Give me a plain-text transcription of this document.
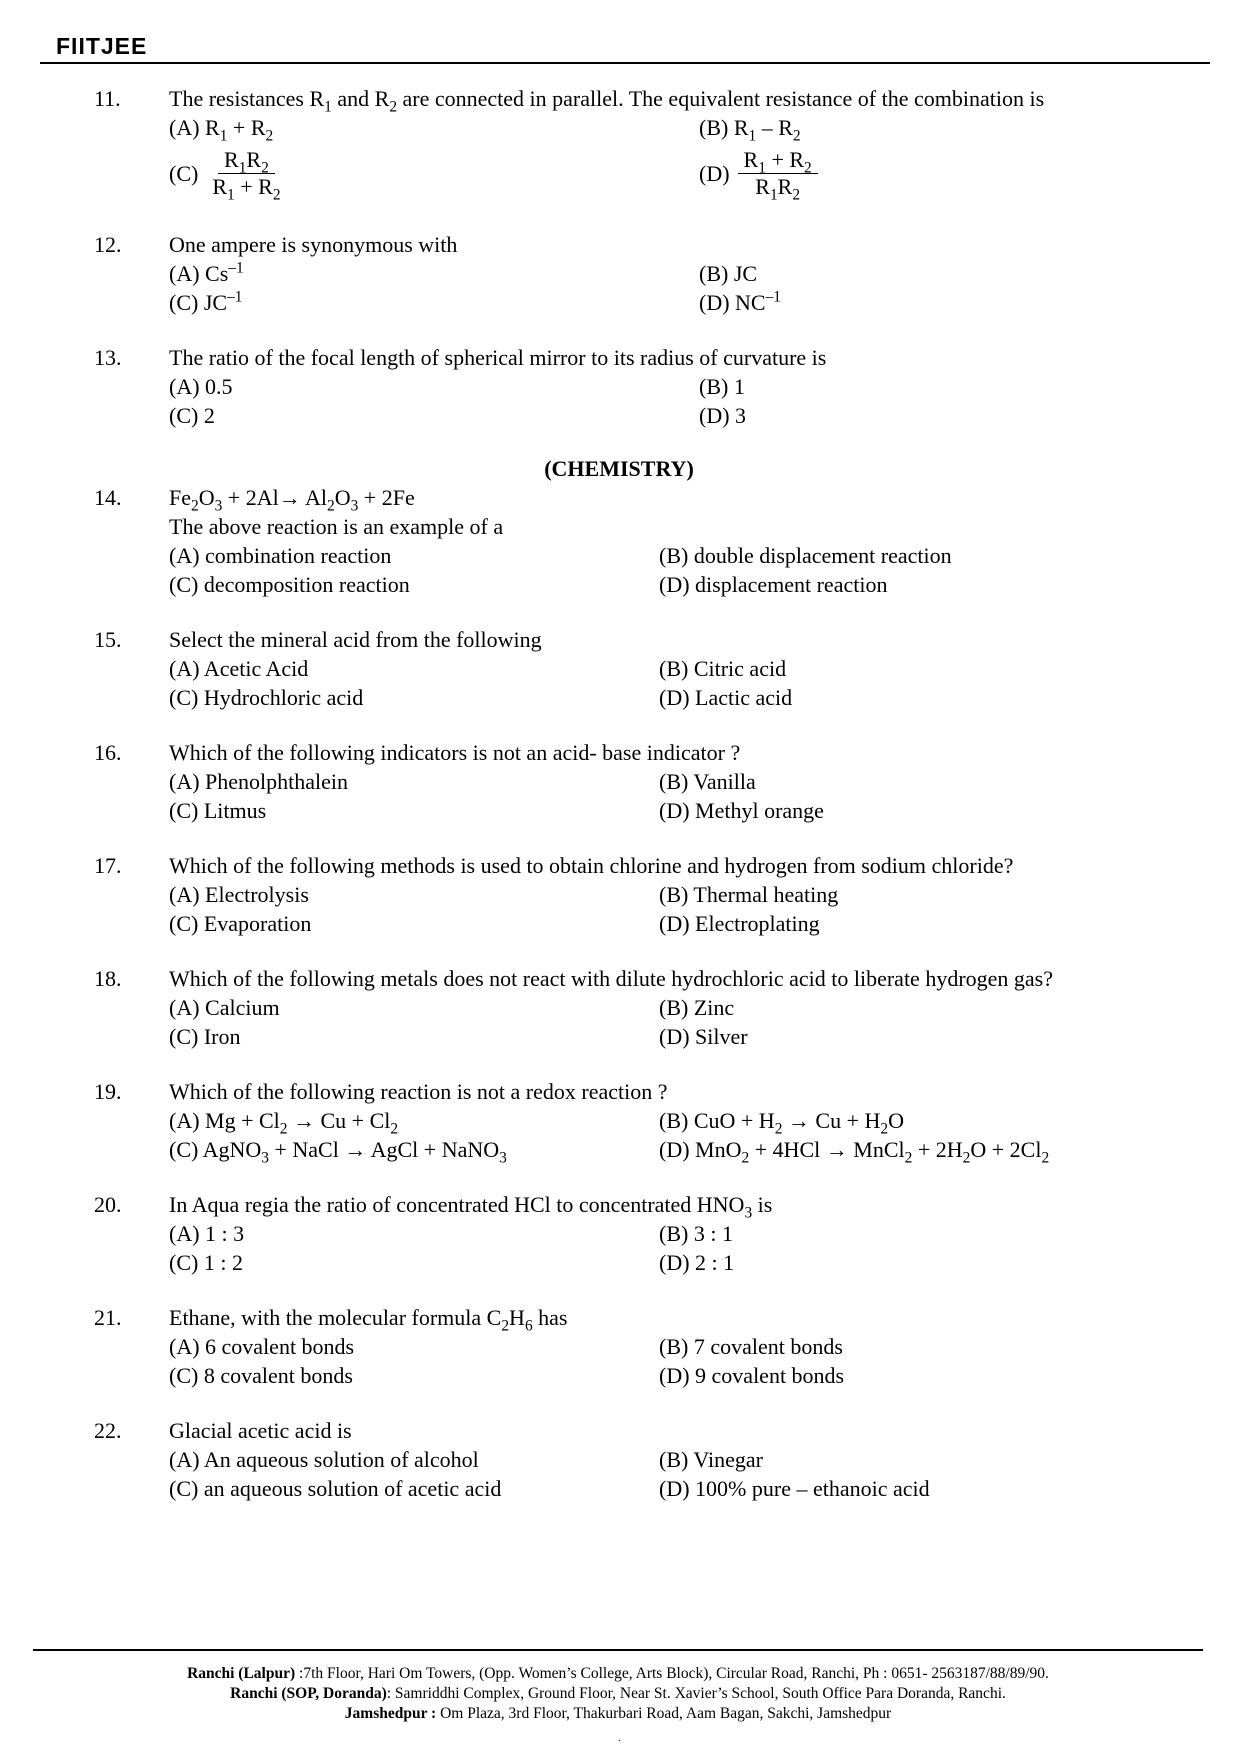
FIITJEE
11.	The resistances $R_1$ and $R_2$ are connected in parallel. The equivalent resistance of the combination is
(A) $R_1 + R_2$	(B) $R_1 - R_2$
$(C) \frac{R_1R_2}{R_1 + R_2}$	$(D) \frac{R_1 + R_2}{R_1R_2}$
12.	One ampere is synonymous with
(A) $Cs^{-1}$	(B) JC
(C) $JC^{-1}$	(D) $NC^{-1}$
13.	The ratio of the focal length of spherical mirror to its radius of curvature is
(A) 0.5	(B) 1
(C) 2	(D) 3
(CHEMISTRY)
14.	$Fe_2O_3 + 2Al\to Al_2O_3 + 2Fe$
The above reaction is an example of a
(A) combination reaction	(B) double displacement reaction
(C) decomposition reaction	(D) displacement reaction
15.	Select the mineral acid from the following
(A) Acetic Acid	(B) Citric acid
(C) Hydrochloric acid	(D) Lactic acid
16.	Which of the following indicators is not an acid- base indicator ?
(A) Phenolphthalein	(B) Vanilla
(C) Litmus	(D) Methyl orange
17.	Which of the following methods is used to obtain chlorine and hydrogen from sodium chloride?
(A) Electrolysis	(B) Thermal heating
(C) Evaporation	(D) Electroplating
18.	Which of the following metals does not react with dilute hydrochloric acid to liberate hydrogen gas?
(A) Calcium	(B) Zinc
(C) Iron	(D) Silver
19.	Which of the following reaction is not a redox reaction ?
(A) $Mg + Cl_2 \to Cu + Cl_2$	(B) CuO + $H_2 \to Cu + H_2O$
(C) AgNO$_3$ + NaCl → AgCl + NaNO$_3$	(D) MnO$_2$ + 4HCl → MnCl$_2$ + $2H_2O + 2Cl_2$
20.	In Aqua regia the ratio of concentrated HCl to concentrated $HNO_3$ is
(A) 1 : 3	(B) 3 : 1
(C) 1 : 2	(D) 2 : 1
21.	Ethane, with the molecular formula $C_2H_6$ has
(A) 6 covalent bonds	(B) 7 covalent bonds
(C) 8 covalent bonds	(D) 9 covalent bonds
22.	Glacial acetic acid is
(A) An aqueous solution of alcohol	(B) Vinegar
(C) an aqueous solution of acetic acid	(D) 100% pure – ethanoic acid
Ranchi (Lalpur) :7th Floor, Hari Om Towers, (Opp. Women’s College, Arts Block), Circular Road, Ranchi, Ph : 0651- 2563187/88/89/90.
Ranchi (SOP, Doranda): Samriddhi Complex, Ground Floor, Near St. Xavier’s School, South Office Para Doranda, Ranchi.
Jamshedpur : Om Plaza, 3rd Floor, Thakurbari Road, Aam Bagan, Sakchi, Jamshedpur
.
